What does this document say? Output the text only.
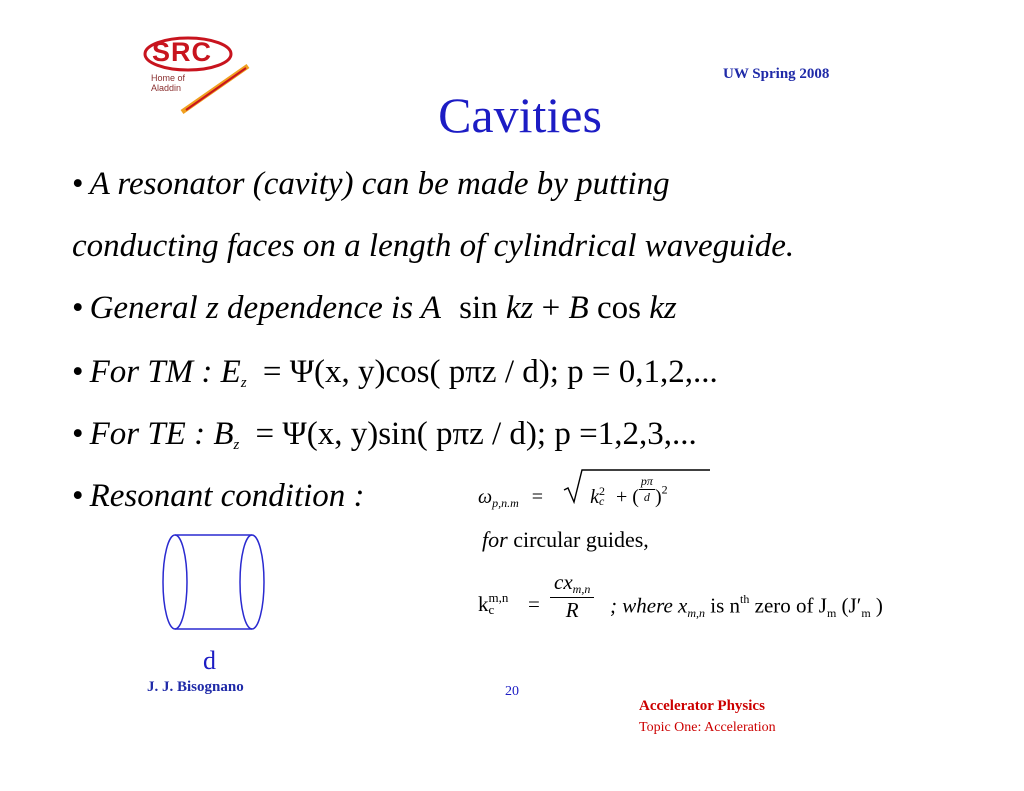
SRC
Home of
Aladdin
UW Spring 2008
Cavities
• A resonator (cavity) can be made by putting
conducting faces on a length of cylindrical waveguide.
• General z dependence is A sin kz + B cos kz
• For TM : $E_z = \Psi(x$, y)cos( pπz / d); p = 0,1,2,...
• For TE : $B_z = \Psi(x$, y)sin( pπz / d); p =1,2,3,...
• Resonant condition :	$\omega_{p,n.m} = k$ 2
c + ( $\frac{p\pi}{d} )^2$
for circular guides,
k m,n
c	=
$cx_{m,n}$
R	; where $x_{m,n}$ is $n^{th}$ zero of $J_m$ ($J'_m$ )
d
J. J. Bisognano	20
Accelerator Physics
Topic One: Acceleration
